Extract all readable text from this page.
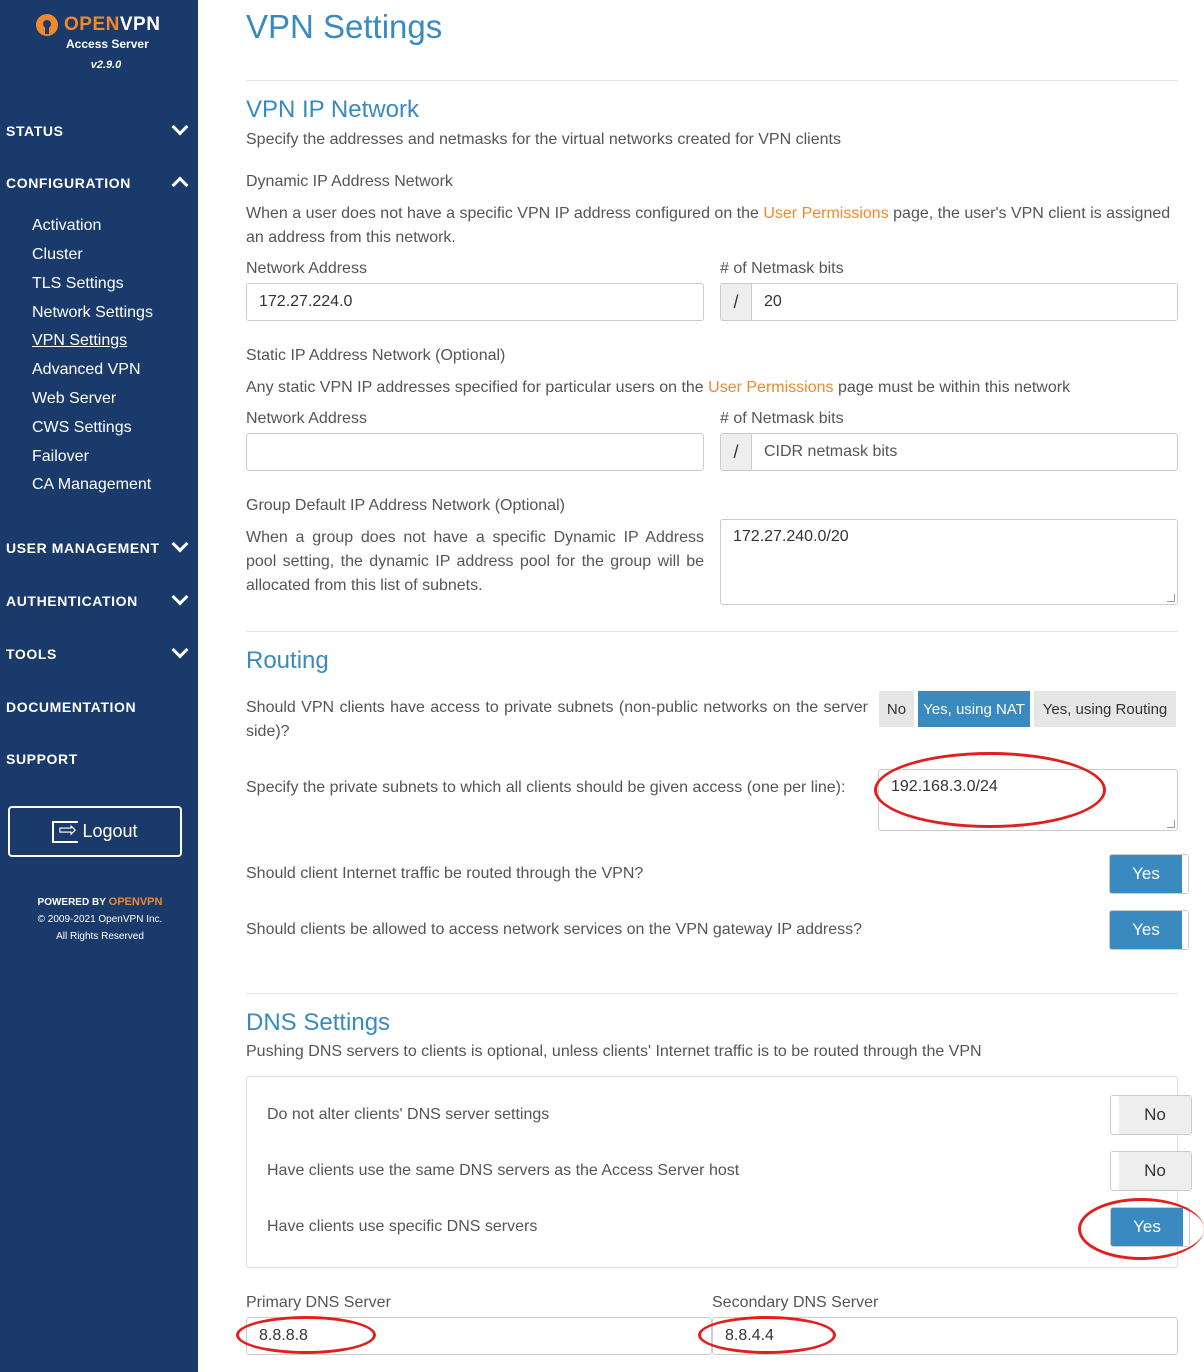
OPENVPN
Access Server
v2.9.0
STATUS
CONFIGURATION
Activation
Cluster
TLS Settings
Network Settings
VPN Settings
Advanced VPN
Web Server
CWS Settings
Failover
CA Management
USER MANAGEMENT
AUTHENTICATION
TOOLS
DOCUMENTATION
SUPPORT
⇨
Logout
POWERED BY OPENVPN
© 2009-2021 OpenVPN Inc.
All Rights Reserved
VPN Settings
VPN IP Network
Specify the addresses and netmasks for the virtual networks created for VPN clients
Dynamic IP Address Network
When a user does not have a specific VPN IP address configured on the User Permissions page, the user's VPN client is assigned an address from this network.
Network Address
172.27.224.0
# of Netmask bits
/	20
Static IP Address Network (Optional)
Any static VPN IP addresses specified for particular users on the User Permissions page must be within this network
Network Address	# of Netmask bits
/	CIDR netmask bits
Group Default IP Address Network (Optional)
When a group does not have a specific Dynamic IP Address pool setting, the dynamic IP address pool for the group will be allocated from this list of subnets.
172.27.240.0/20
Routing
Should VPN clients have access to private subnets (non-public networks on the server side)?
No	Yes, using NAT	Yes, using Routing
Specify the private subnets to which all clients should be given access (one per line):	192.168.3.0/24
Should client Internet traffic be routed through the VPN?	Yes
Should clients be allowed to access network services on the VPN gateway IP address?	Yes
DNS Settings
Pushing DNS servers to clients is optional, unless clients' Internet traffic is to be routed through the VPN
Do not alter clients' DNS server settings	No
Have clients use the same DNS servers as the Access Server host	No
Have clients use specific DNS servers	Yes
Primary DNS Server
8.8.8.8
Secondary DNS Server
8.8.4.4
